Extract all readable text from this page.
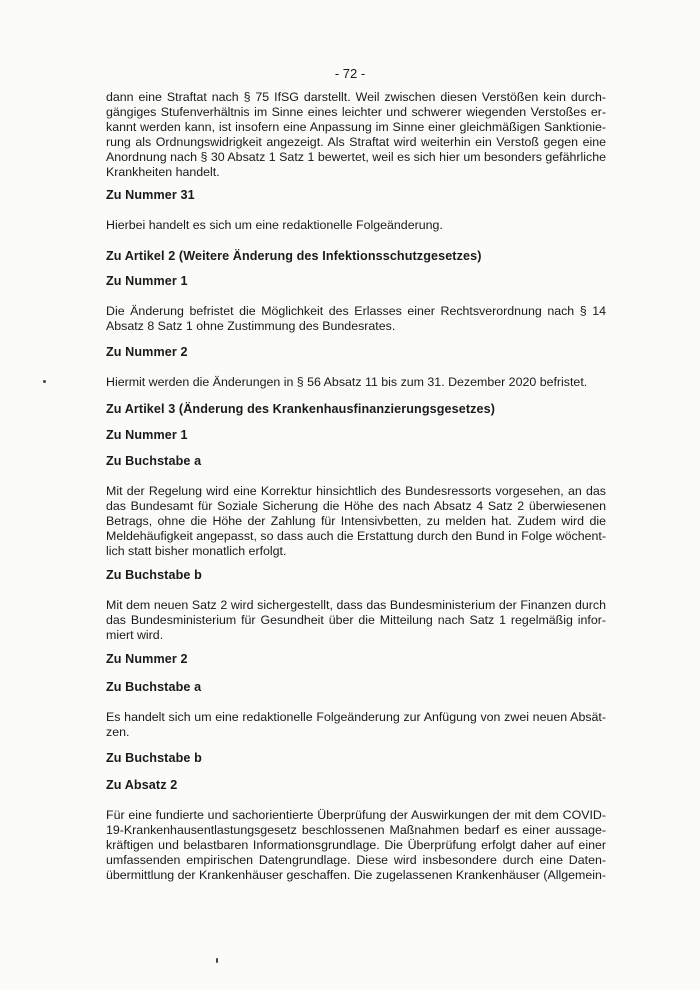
- 72 -
dann eine Straftat nach § 75 IfSG darstellt. Weil zwischen diesen Verstößen kein durch-
gängiges Stufenverhältnis im Sinne eines leichter und schwerer wiegenden Verstoßes er-
kannt werden kann, ist insofern eine Anpassung im Sinne einer gleichmäßigen Sanktionie-
rung als Ordnungswidrigkeit angezeigt. Als Straftat wird weiterhin ein Verstoß gegen eine
Anordnung nach § 30 Absatz 1 Satz 1 bewertet, weil es sich hier um besonders gefährliche
Krankheiten handelt.
Zu Nummer 31
Hierbei handelt es sich um eine redaktionelle Folgeänderung.
Zu Artikel 2 (Weitere Änderung des Infektionsschutzgesetzes)
Zu Nummer 1
Die Änderung befristet die Möglichkeit des Erlasses einer Rechtsverordnung nach § 14
Absatz 8 Satz 1 ohne Zustimmung des Bundesrates.
Zu Nummer 2
Hiermit werden die Änderungen in § 56 Absatz 11 bis zum 31. Dezember 2020 befristet.
Zu Artikel 3 (Änderung des Krankenhausfinanzierungsgesetzes)
Zu Nummer 1
Zu Buchstabe a
Mit der Regelung wird eine Korrektur hinsichtlich des Bundesressorts vorgesehen, an das
das Bundesamt für Soziale Sicherung die Höhe des nach Absatz 4 Satz 2 überwiesenen
Betrags, ohne die Höhe der Zahlung für Intensivbetten, zu melden hat. Zudem wird die
Meldehäufigkeit angepasst, so dass auch die Erstattung durch den Bund in Folge wöchent-
lich statt bisher monatlich erfolgt.
Zu Buchstabe b
Mit dem neuen Satz 2 wird sichergestellt, dass das Bundesministerium der Finanzen durch
das Bundesministerium für Gesundheit über die Mitteilung nach Satz 1 regelmäßig infor-
miert wird.
Zu Nummer 2
Zu Buchstabe a
Es handelt sich um eine redaktionelle Folgeänderung zur Anfügung von zwei neuen Absät-
zen.
Zu Buchstabe b
Zu Absatz 2
Für eine fundierte und sachorientierte Überprüfung der Auswirkungen der mit dem COVID-
19-Krankenhausentlastungsgesetz beschlossenen Maßnahmen bedarf es einer aussage-
kräftigen und belastbaren Informationsgrundlage. Die Überprüfung erfolgt daher auf einer
umfassenden empirischen Datengrundlage. Diese wird insbesondere durch eine Daten-
übermittlung der Krankenhäuser geschaffen. Die zugelassenen Krankenhäuser (Allgemein-
